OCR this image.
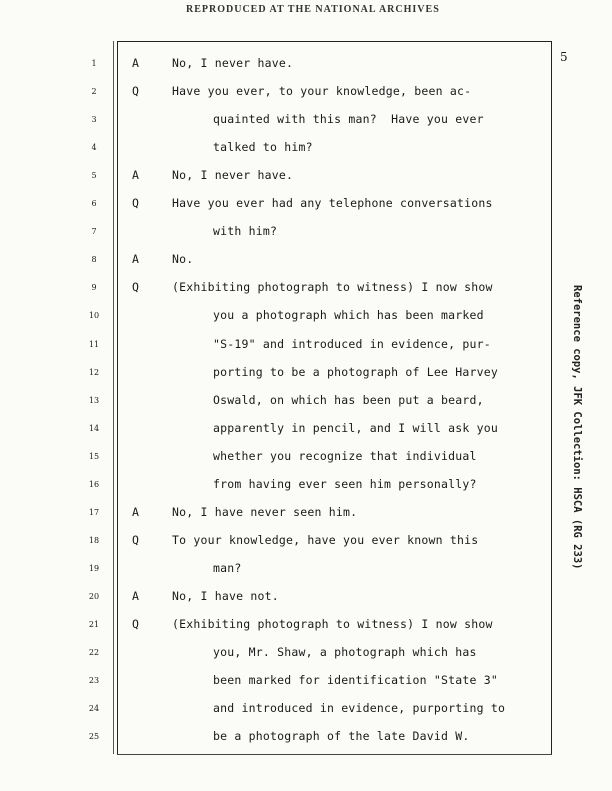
REPRODUCED AT THE NATIONAL ARCHIVES
5
1	A	No, I never have.
2	Q	Have you ever, to your knowledge, been ac-
3	quainted with this man?  Have you ever
4	talked to him?
5	A	No, I never have.
6	Q	Have you ever had any telephone conversations
7	with him?
8	A	No.
9	Q	(Exhibiting photograph to witness) I now show
10	you a photograph which has been marked
11	"S-19" and introduced in evidence, pur-
12	porting to be a photograph of Lee Harvey
13	Oswald, on which has been put a beard,
14	apparently in pencil, and I will ask you
15	whether you recognize that individual
16	from having ever seen him personally?
17	A	No, I have never seen him.
18	Q	To your knowledge, have you ever known this
19	man?
20	A	No, I have not.
21	Q	(Exhibiting photograph to witness) I now show
22	you, Mr. Shaw, a photograph which has
23	been marked for identification "State 3"
24	and introduced in evidence, purporting to
25	be a photograph of the late David W.
Reference copy, JFK Collection: HSCA (RG 233)
